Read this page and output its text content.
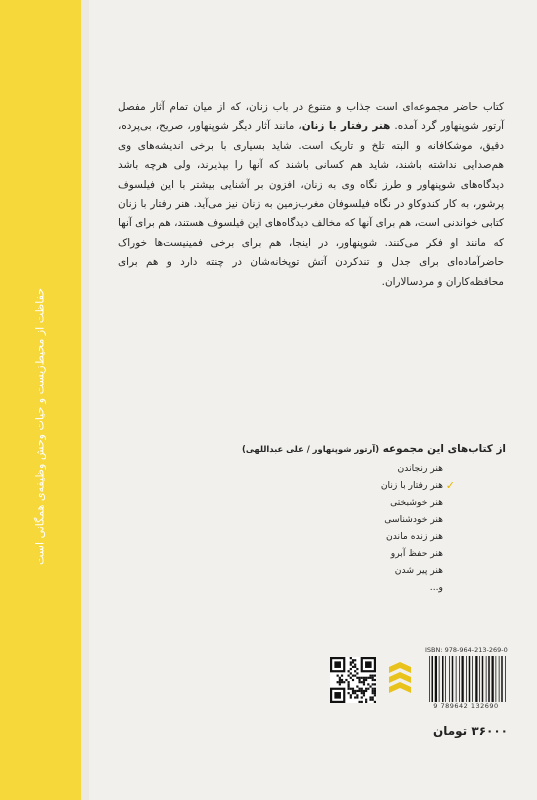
حفاظت از محیط‌زیست و حیات وحش وظیفه‌ی همگانی است
کتاب حاضر مجموعه‌ای است جذاب و متنوع در باب زنان، که از میان تمام آثار مفصل آرتور شوپنهاور گرد آمده. هنر رفتار با زنان، مانند آثار دیگر شوپنهاور، صریح، بی‌پرده، دقیق، موشکافانه و البته تلخ و تاریک است. شاید بسیاری با برخی اندیشه‌های وی هم‌صدایی نداشته باشند، شاید هم کسانی باشند که آنها را بپذیرند، ولی هرچه باشد دیدگاه‌های شوپنهاور و طرز نگاه وی به زنان، افزون بر آشنایی بیشتر با این فیلسوف پرشور، به کار کندوکاو در نگاه فیلسوفان مغرب‌زمین به زنان نیز می‌آید. هنر رفتار با زنان کتابی خواندنی است، هم برای آنها که مخالف دیدگاه‌های این فیلسوف هستند، هم برای آنها که مانند او فکر می‌کنند. شوپنهاور، در اینجا، هم برای برخی فمینیست‌ها خوراک حاضرآماده‌ای برای جدل و تندکردن آتش توپخانه‌شان در چنته دارد و هم برای محافظه‌کاران و مردسالاران.
از کتاب‌های این مجموعه (آرتور شوپنهاور / علی عبداللهی)
هنر رنجاندن
هنر رفتار با زنان ✓
هنر خوشبختی
هنر خودشناسی
هنر زنده ماندن
هنر حفظ آبرو
هنر پیر شدن
و...
ISBN: 978-964-213-269-0
9 789642 132690
۳۶۰۰۰ تومان
